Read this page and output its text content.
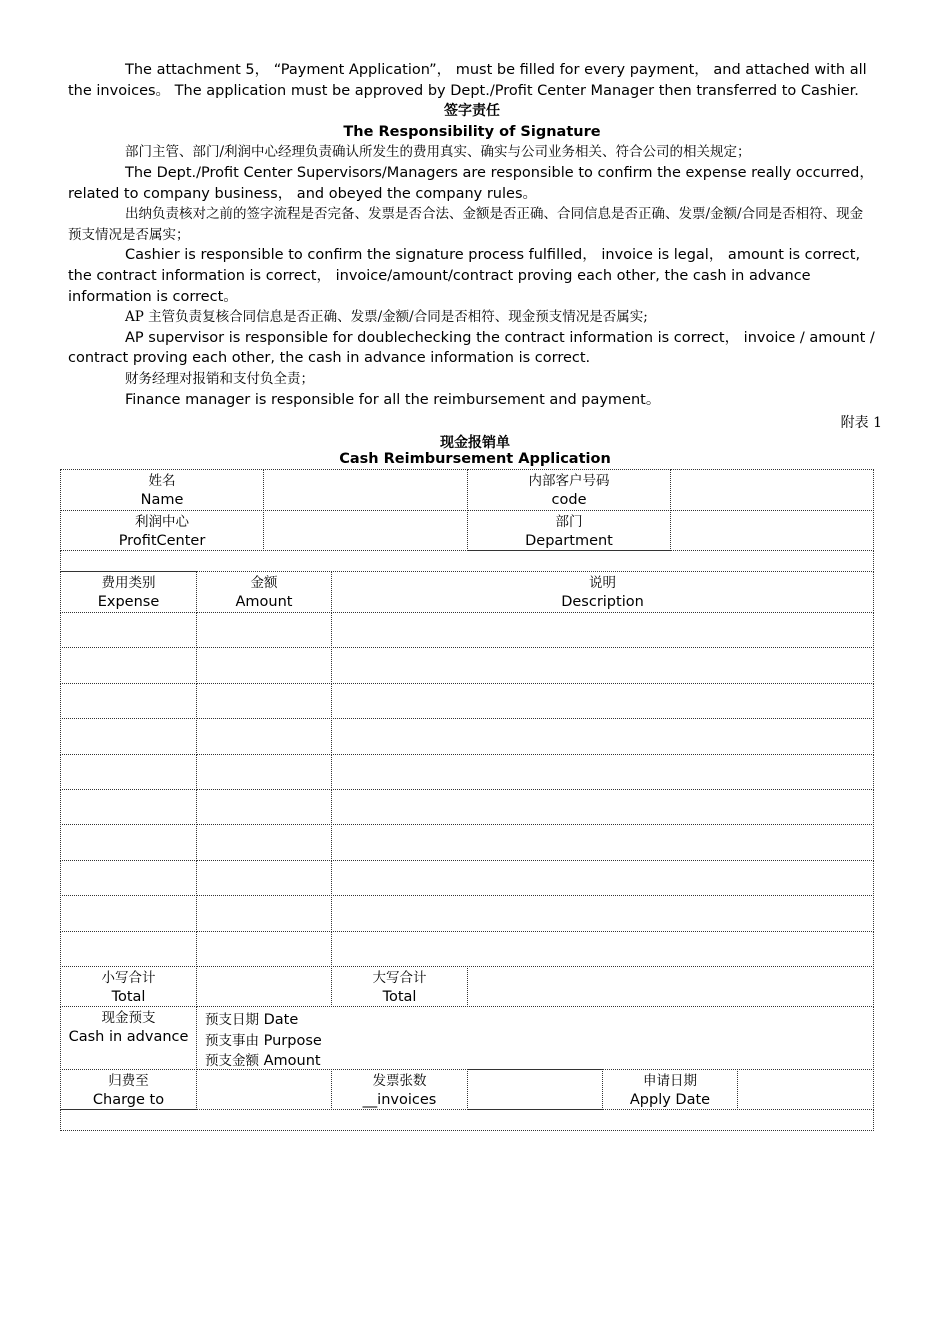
The attachment 5， “Payment Application”， must be filled for every payment， and attached with all the invoices。 The application must be approved by Dept./Profit Center Manager then transferred to Cashier.

签字责任

The Responsibility of Signature

部门主管、部门/利润中心经理负责确认所发生的费用真实、确实与公司业务相关、符合公司的相关规定；

The Dept./Profit Center Supervisors/Managers are responsible to confirm the expense really occurred，related to company business， and obeyed the company rules。

出纳负责核对之前的签字流程是否完备、发票是否合法、金额是否正确、合同信息是否正确、发票/金额/合同是否相符、现金预支情况是否属实；

Cashier is responsible to confirm the signature process fulfilled， invoice is legal， amount is correct, the contract information is correct， invoice/amount/contract proving each other, the cash in advance information is correct。

AP 主管负责复核合同信息是否正确、发票/金额/合同是否相符、现金预支情况是否属实;

AP supervisor is responsible for doublechecking the contract information is correct， invoice / amount / contract proving each other, the cash in advance information is correct.

财务经理对报销和支付负全责；

Finance manager is responsible for all the reimbursement and payment。

附表 1
现金报销单
Cash Reimbursement Application
姓名
Name
内部客户号码
code
利润中心
ProfitCenter
部门
Department
费用类别
Expense
金额
Amount
说明
Description
小写合计
Total
大写合计
Total
现金预支
Cash in advance
预支日期 Date
预支事由 Purpose
预支金额 Amount
归费至
Charge to
发票张数
__invoices
申请日期
Apply Date
